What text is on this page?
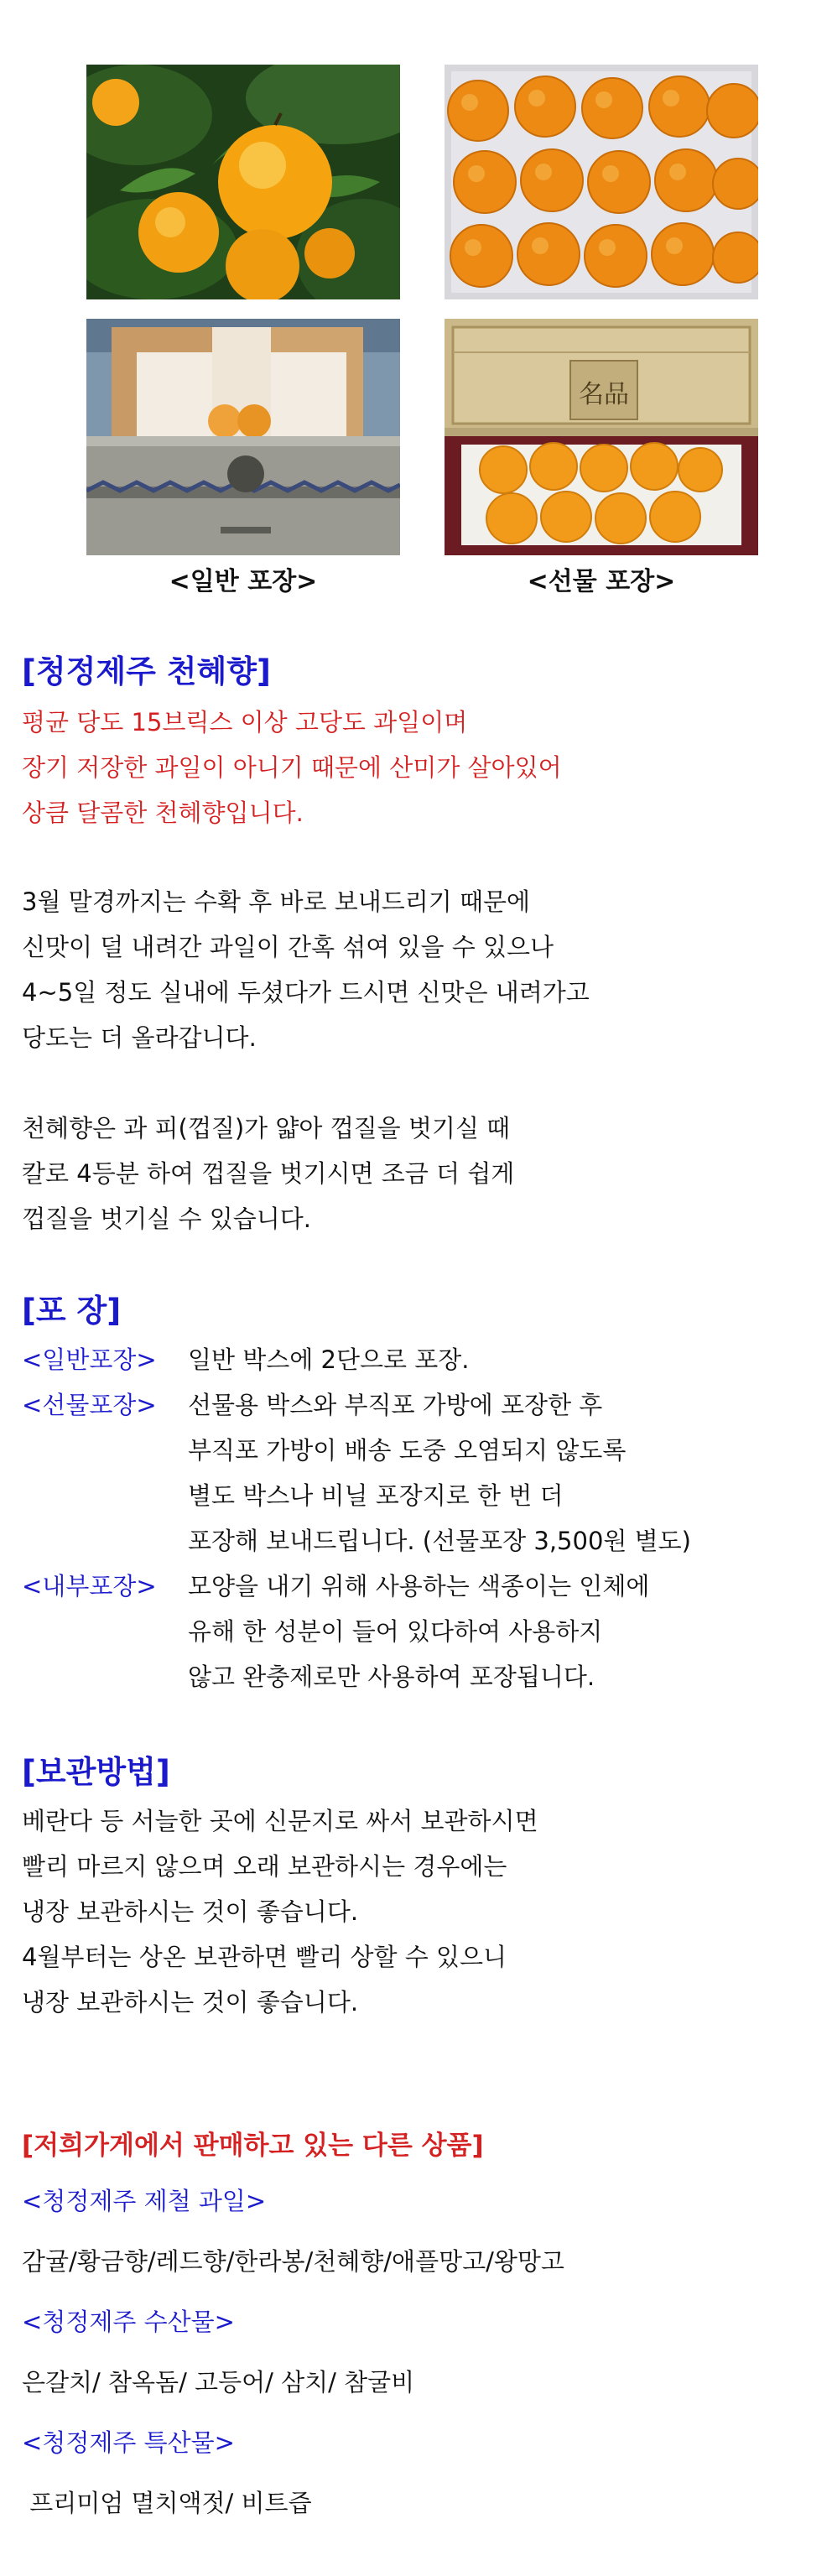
名品
<일반 포장>	<선물 포장>
[청정제주 천혜향]
평균 당도 15브릭스 이상 고당도 과일이며
장기 저장한 과일이 아니기 때문에 산미가 살아있어
상큼 달콤한 천혜향입니다.
3월 말경까지는 수확 후 바로 보내드리기 때문에
신맛이 덜 내려간 과일이 간혹 섞여 있을 수 있으나
4~5일 정도 실내에 두셨다가 드시면 신맛은 내려가고
당도는 더 올라갑니다.
천혜향은 과 피(껍질)가 얇아 껍질을 벗기실 때
칼로 4등분 하여 껍질을 벗기시면 조금 더 쉽게
껍질을 벗기실 수 있습니다.
[포 장]
<일반포장> 일반 박스에 2단으로 포장.
<선물포장> 선물용 박스와 부직포 가방에 포장한 후
부직포 가방이 배송 도중 오염되지 않도록
별도 박스나 비닐 포장지로 한 번 더
포장해 보내드립니다. (선물포장 3,500원 별도)
<내부포장> 모양을 내기 위해 사용하는 색종이는 인체에
유해 한 성분이 들어 있다하여 사용하지
않고 완충제로만 사용하여 포장됩니다.
[보관방법]
베란다 등 서늘한 곳에 신문지로 싸서 보관하시면
빨리 마르지 않으며 오래 보관하시는 경우에는
냉장 보관하시는 것이 좋습니다.
4월부터는 상온 보관하면 빨리 상할 수 있으니
냉장 보관하시는 것이 좋습니다.
[저희가게에서 판매하고 있는 다른 상품]
<청정제주 제철 과일>
감귤/황금향/레드향/한라봉/천혜향/애플망고/왕망고
<청정제주 수산물>
은갈치/ 참옥돔/ 고등어/ 삼치/ 참굴비
<청정제주 특산물>
프리미엄 멸치액젓/ 비트즙
